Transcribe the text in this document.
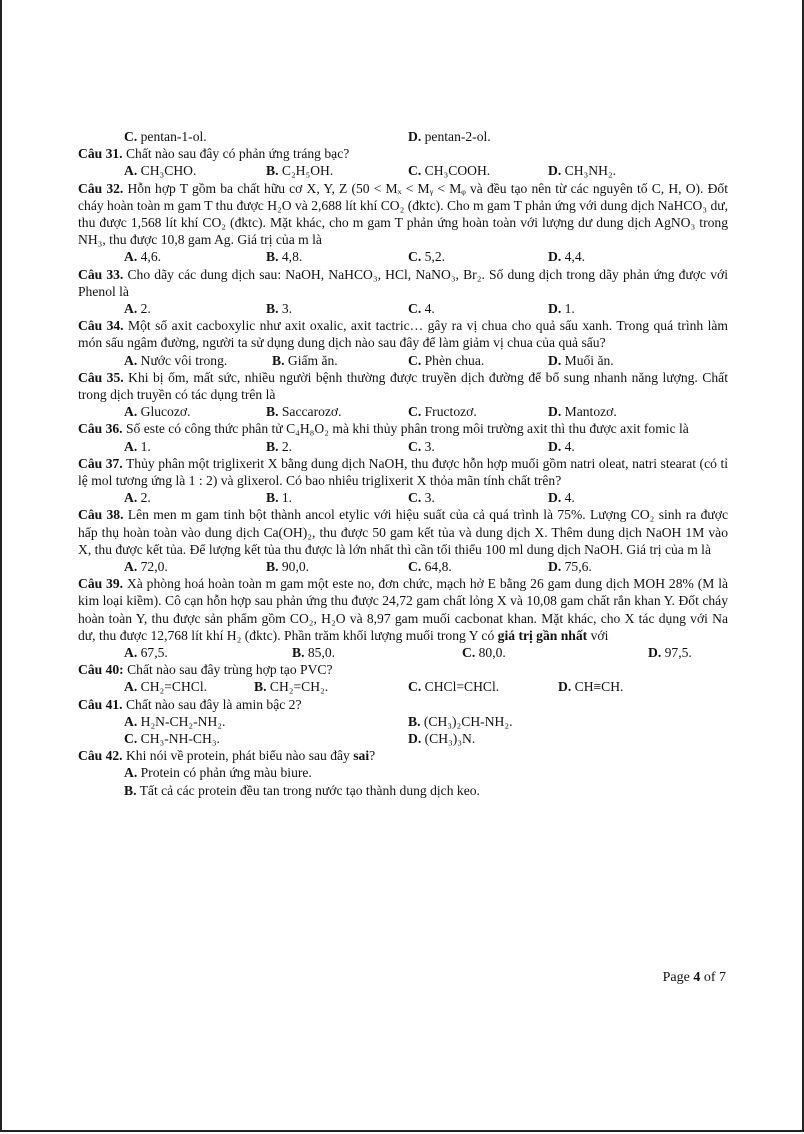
C. pentan-1-ol.	D. pentan-2-ol.

Câu 31. Chất nào sau đây có phản ứng tráng bạc?

A. CH₃CHO.	B. C₂H₅OH.	C. CH₃COOH.	D. CH₃NH₂.

Câu 32. Hỗn hợp T gồm ba chất hữu cơ X, Y, Z (50 < Mₓ < Mᵧ < Mᵩ và đều tạo nên từ các nguyên tố C, H, O). Đốt cháy hoàn toàn m gam T thu được H₂O và 2,688 lít khí CO₂ (đktc). Cho m gam T phản ứng với dung dịch NaHCO₃ dư, thu được 1,568 lít khí CO₂ (đktc). Mặt khác, cho m gam T phản ứng hoàn toàn với lượng dư dung dịch AgNO₃ trong NH₃, thu được 10,8 gam Ag. Giá trị của m là

A. 4,6.	B. 4,8.	C. 5,2.	D. 4,4.

Câu 33. Cho dãy các dung dịch sau: NaOH, NaHCO₃, HCl, NaNO₃, Br₂. Số dung dịch trong dãy phản ứng được với Phenol là

A. 2.	B. 3.	C. 4.	D. 1.

Câu 34. Một số axit cacboxylic như axit oxalic, axit tactric… gây ra vị chua cho quả sấu xanh. Trong quá trình làm món sấu ngâm đường, người ta sử dụng dung dịch nào sau đây để làm giảm vị chua của quả sấu?

A. Nước vôi trong.	B. Giấm ăn.	C. Phèn chua.	D. Muối ăn.

Câu 35. Khi bị ốm, mất sức, nhiều người bệnh thường được truyền dịch đường để bổ sung nhanh năng lượng. Chất trong dịch truyền có tác dụng trên là

A. Glucozơ.	B. Saccarozơ.	C. Fructozơ.	D. Mantozơ.

Câu 36. Số este có công thức phân tử C₄H₈O₂ mà khi thủy phân trong môi trường axit thì thu được axit fomic là

A. 1.	B. 2.	C. 3.	D. 4.

Câu 37. Thủy phân một triglixerit X bằng dung dịch NaOH, thu được hỗn hợp muối gồm natri oleat, natri stearat (có tỉ lệ mol tương ứng là 1 : 2) và glixerol. Có bao nhiêu triglixerit X thỏa mãn tính chất trên?

A. 2.	B. 1.	C. 3.	D. 4.

Câu 38. Lên men m gam tinh bột thành ancol etylic với hiệu suất của cả quá trình là 75%. Lượng CO₂ sinh ra được hấp thụ hoàn toàn vào dung dịch Ca(OH)₂, thu được 50 gam kết tủa và dung dịch X. Thêm dung dịch NaOH 1M vào X, thu được kết tủa. Để lượng kết tủa thu được là lớn nhất thì cần tối thiểu 100 ml dung dịch NaOH. Giá trị của m là

A. 72,0.	B. 90,0.	C. 64,8.	D. 75,6.

Câu 39. Xà phòng hoá hoàn toàn m gam một este no, đơn chức, mạch hở E bằng 26 gam dung dịch MOH 28% (M là kim loại kiềm). Cô cạn hỗn hợp sau phản ứng thu được 24,72 gam chất lỏng X và 10,08 gam chất rắn khan Y. Đốt cháy hoàn toàn Y, thu được sản phẩm gồm CO₂, H₂O và 8,97 gam muối cacbonat khan. Mặt khác, cho X tác dụng với Na dư, thu được 12,768 lít khí H₂ (đktc). Phần trăm khối lượng muối trong Y có giá trị gần nhất với

A. 67,5.	B. 85,0.	C. 80,0.	D. 97,5.

Câu 40: Chất nào sau đây trùng hợp tạo PVC?

A. CH₂=CHCl.	B. CH₂=CH₂.	C. CHCl=CHCl.	D. CH≡CH.

Câu 41. Chất nào sau đây là amin bậc 2?

A. H₂N-CH₂-NH₂.	B. (CH₃)₂CH-NH₂.
C. CH₃-NH-CH₃.	D. (CH₃)₃N.

Câu 42. Khi nói về protein, phát biểu nào sau đây sai?

A. Protein có phản ứng màu biure.
B. Tất cả các protein đều tan trong nước tạo thành dung dịch keo.
Page 4 of 7
